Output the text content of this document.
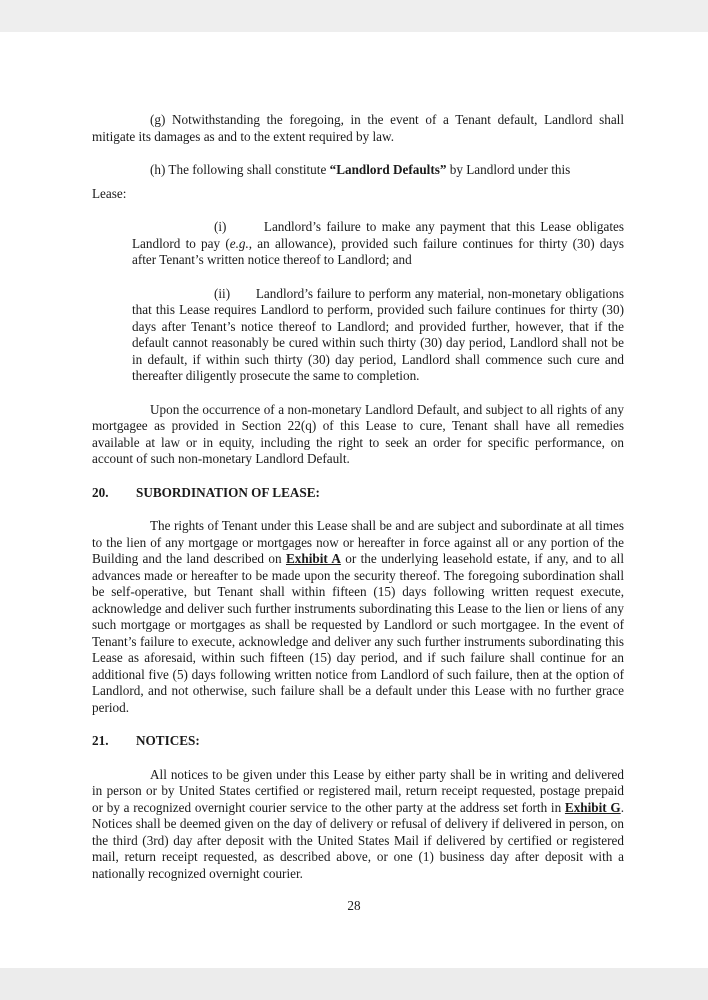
(g) Notwithstanding the foregoing, in the event of a Tenant default, Landlord shall mitigate its damages as and to the extent required by law.

(h) The following shall constitute “Landlord Defaults” by Landlord under this

Lease:

(i)	Landlord’s failure to make any payment that this Lease obligates Landlord to pay (e.g., an allowance), provided such failure continues for thirty (30) days after Tenant’s written notice thereof to Landlord; and

(ii) Landlord’s failure to perform any material, non-monetary obligations that this Lease requires Landlord to perform, provided such failure continues for thirty (30) days after Tenant’s notice thereof to Landlord; and provided further, however, that if the default cannot reasonably be cured within such thirty (30) day period, Landlord shall not be in default, if within such thirty (30) day period, Landlord shall commence such cure and thereafter diligently prosecute the same to completion.

Upon the occurrence of a non-monetary Landlord Default, and subject to all rights of any mortgagee as provided in Section 22(q) of this Lease to cure, Tenant shall have all remedies available at law or in equity, including the right to seek an order for specific performance, on account of such non-monetary Landlord Default.

20.	SUBORDINATION OF LEASE:

The rights of Tenant under this Lease shall be and are subject and subordinate at all times to the lien of any mortgage or mortgages now or hereafter in force against all or any portion of the Building and the land described on Exhibit A or the underlying leasehold estate, if any, and to all advances made or hereafter to be made upon the security thereof. The foregoing subordination shall be self-operative, but Tenant shall within fifteen (15) days following written request execute, acknowledge and deliver such further instruments subordinating this Lease to the lien or liens of any such mortgage or mortgages as shall be requested by Landlord or such mortgagee. In the event of Tenant’s failure to execute, acknowledge and deliver any such further instruments subordinating this Lease as aforesaid, within such fifteen (15) day period, and if such failure shall continue for an additional five (5) days following written notice from Landlord of such failure, then at the option of Landlord, and not otherwise, such failure shall be a default under this Lease with no further grace period.

21.	NOTICES:

All notices to be given under this Lease by either party shall be in writing and delivered in person or by United States certified or registered mail, return receipt requested, postage prepaid or by a recognized overnight courier service to the other party at the address set forth in Exhibit G. Notices shall be deemed given on the day of delivery or refusal of delivery if delivered in person, on the third (3rd) day after deposit with the United States Mail if delivered by certified or registered mail, return receipt requested, as described above, or one (1) business day after deposit with a nationally recognized overnight courier.

28
